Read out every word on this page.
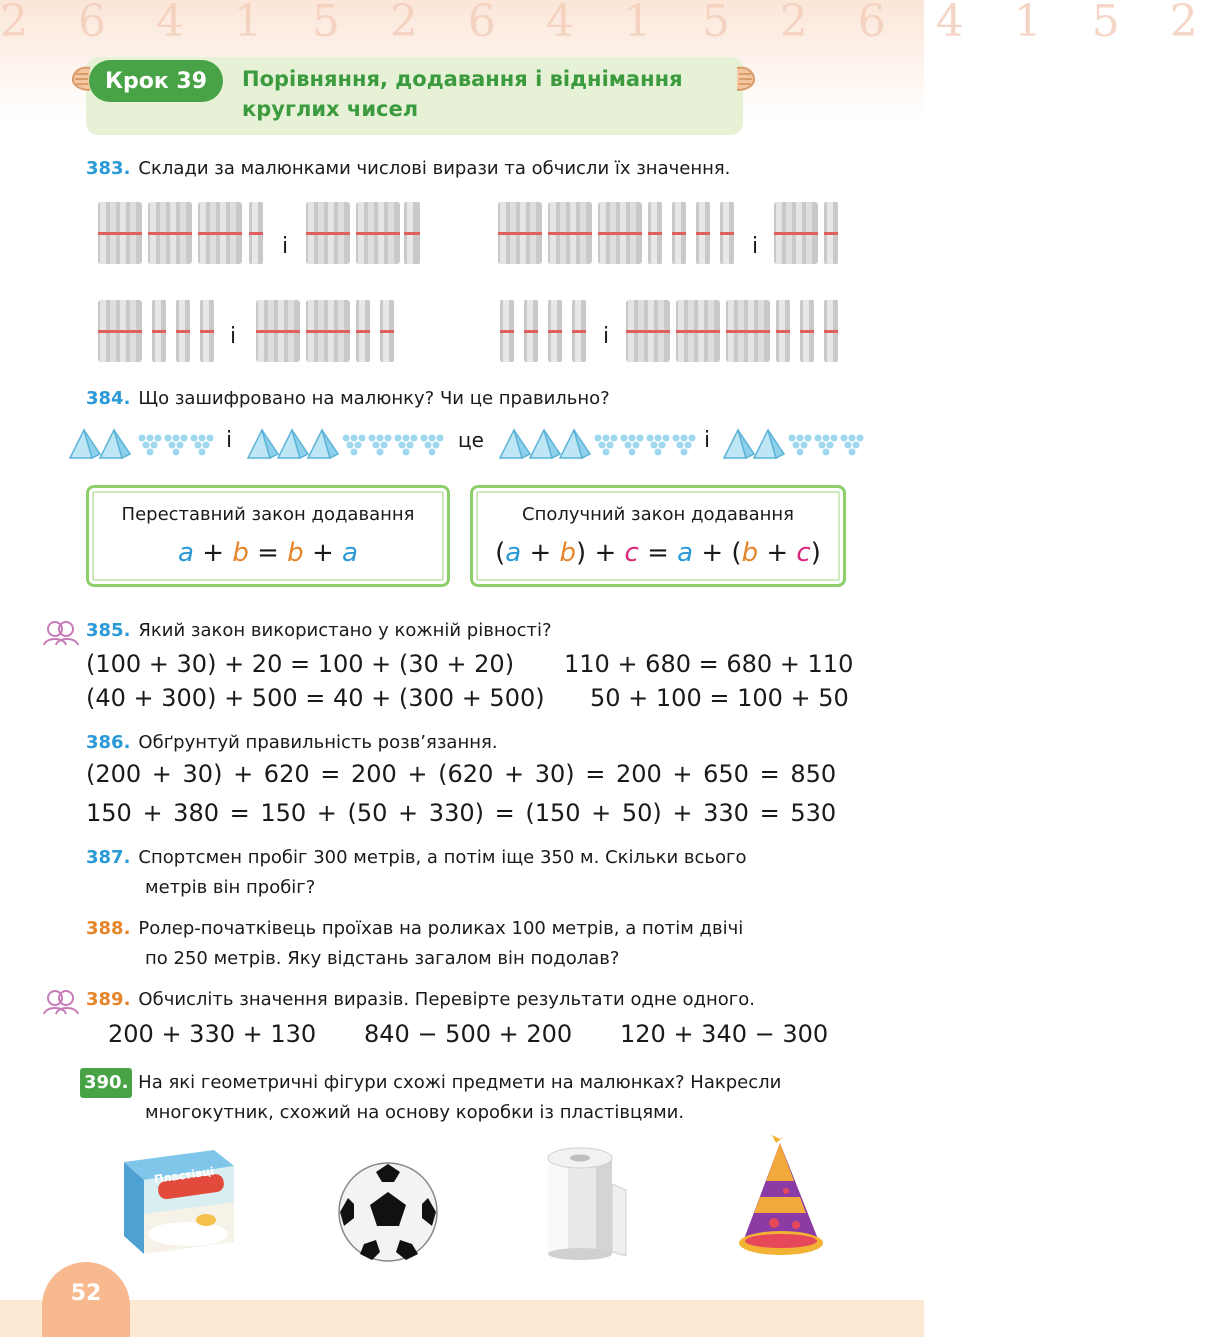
2 6 4 1 5 2 6 4 1 5 2 6 4 1 5 2
Крок 39	Порівняння, додавання і віднімання круглих чисел
383. Склади за малюнками числові вирази та обчисли їх значення.
і	і
і	і
384. Що зашифровано на малюнку? Чи це правильно?
і	це	і
Переставний закон додавання
a + b = b + a
Сполучний закон додавання
(a + b) + c = a + (b + c)
385. Який закон використано у кожній рівності?
(100 + 30) + 20 = 100 + (30 + 20) 110 + 680 = 680 + 110
(40 + 300) + 500 = 40 + (300 + 500) 50 + 100 = 100 + 50
386. Обґрунтуй правильність розв’язання.
(200 + 30) + 620 = 200 + (620 + 30) = 200 + 650 = 850
150 + 380 = 150 + (50 + 330) = (150 + 50) + 330 = 530
387. Спортсмен пробіг 300 метрів, а потім іще 350 м. Скільки всього
метрів він пробіг?
388. Ролер-початківець проїхав на роликах 100 метрів, а потім двічі
по 250 метрів. Яку відстань загалом він подолав?
389. Обчисліть значення виразів. Перевірте результати одне одного.
200 + 330 + 130 840 − 500 + 200 120 + 340 − 300
390. На які геометричні фігури схожі предмети на малюнках? Накресли
многокутник, схожий на основу коробки із пластівцями.
Пластівці
52
